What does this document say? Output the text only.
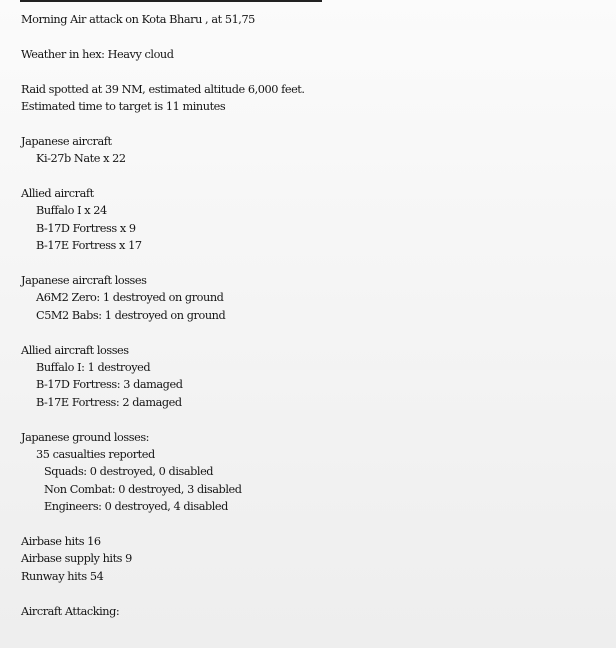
Morning Air attack on Kota Bharu , at 51,75
Weather in hex: Heavy cloud
Raid spotted at 39 NM, estimated altitude 6,000 feet.
Estimated time to target is 11 minutes
Japanese aircraft
Ki-27b Nate x 22
Allied aircraft
Buffalo I x 24
B-17D Fortress x 9
B-17E Fortress x 17
Japanese aircraft losses
A6M2 Zero: 1 destroyed on ground
C5M2 Babs: 1 destroyed on ground
Allied aircraft losses
Buffalo I: 1 destroyed
B-17D Fortress: 3 damaged
B-17E Fortress: 2 damaged
Japanese ground losses:
35 casualties reported
Squads: 0 destroyed, 0 disabled
Non Combat: 0 destroyed, 3 disabled
Engineers: 0 destroyed, 4 disabled
Airbase hits 16
Airbase supply hits 9
Runway hits 54
Aircraft Attacking:
